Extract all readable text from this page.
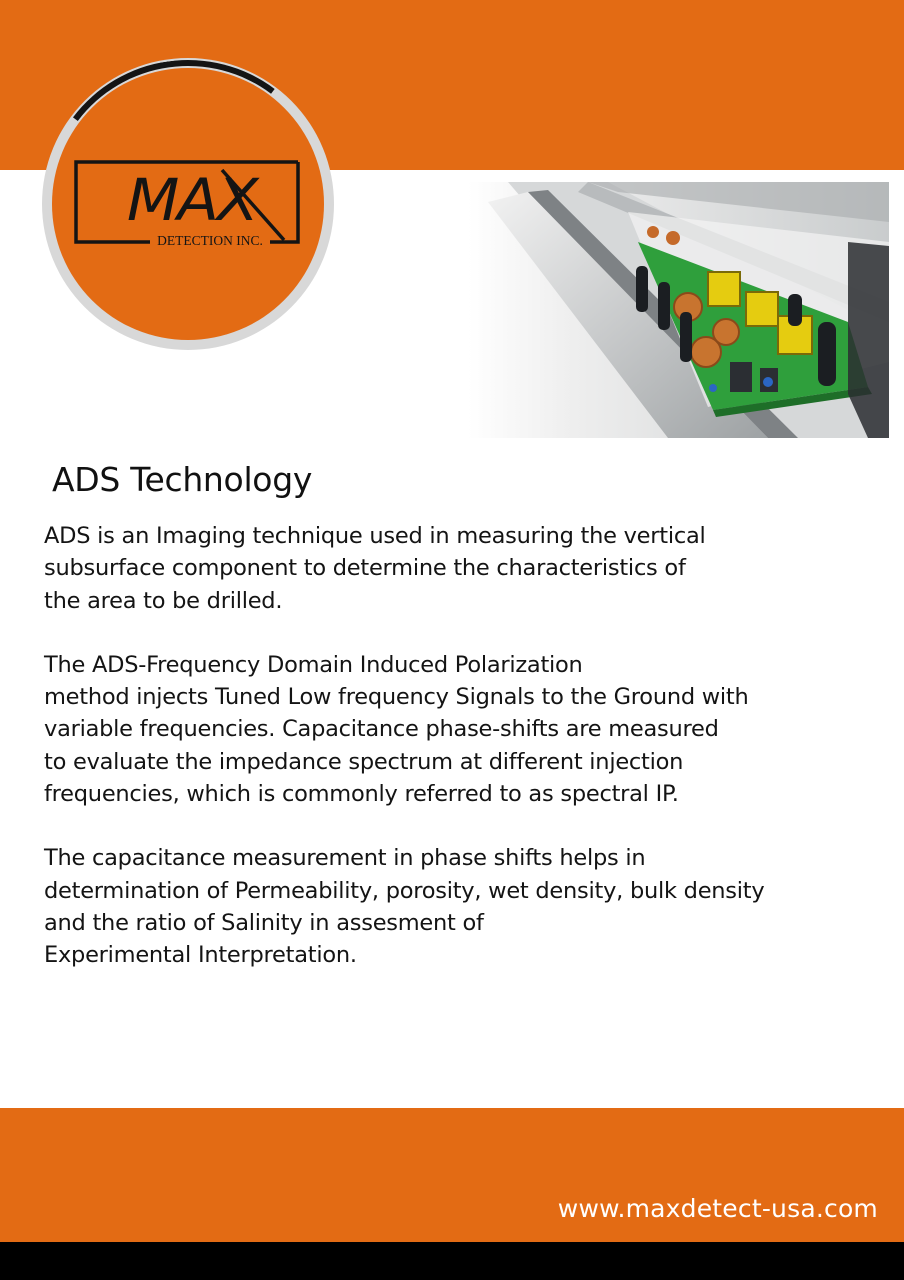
MAX
DETECTION INC.
ADS Technology
ADS is an Imaging technique used in measuring the vertical
subsurface component to determine the characteristics of
the area to be drilled.
The ADS-Frequency Domain Induced Polarization
method injects Tuned Low frequency Signals to the Ground with
variable frequencies. Capacitance phase-shifts are measured
to evaluate the impedance spectrum at different injection
frequencies, which is commonly referred to as spectral IP.
The capacitance measurement in phase shifts helps in
determination of Permeability, porosity, wet density, bulk density
and the ratio of Salinity in assesment of
Experimental Interpretation.
www.maxdetect-usa.com
